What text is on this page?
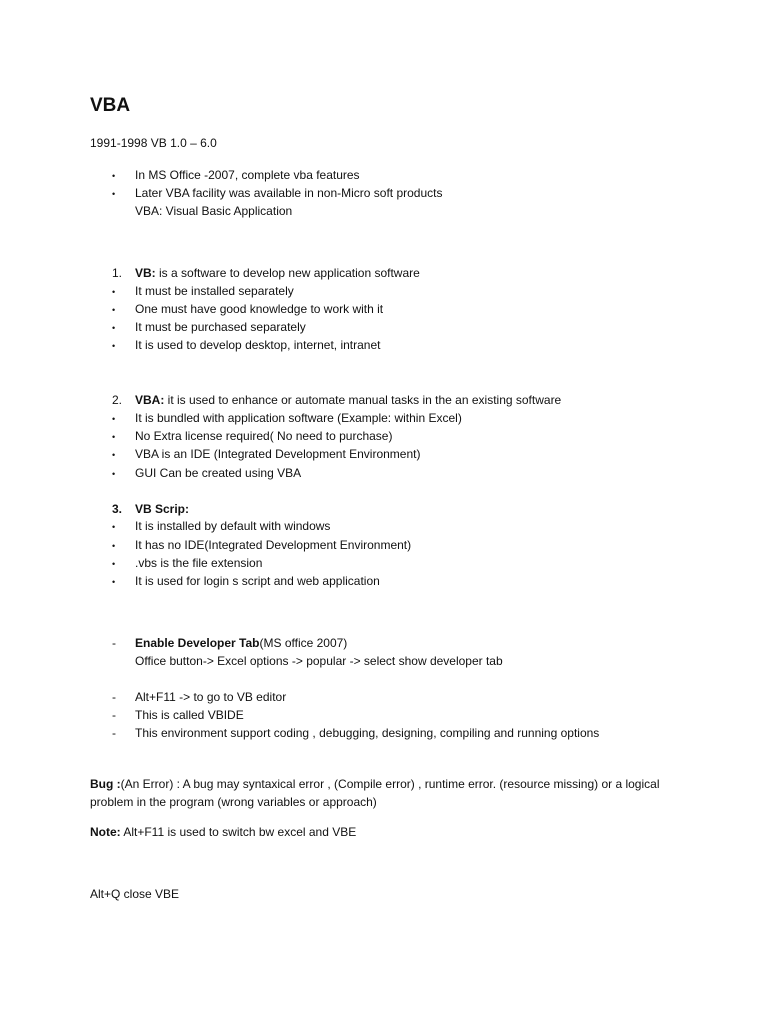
VBA
1991-1998 VB 1.0 – 6.0
•	In MS Office -2007, complete vba features
•	Later VBA facility was available in non-Micro soft products
VBA: Visual Basic Application
1.	VB: is a software to develop new application software
•	It must be installed separately
•	One must have good knowledge to work with it
•	It must be purchased separately
•	It is used to develop desktop, internet, intranet
2.	VBA: it is used to enhance or automate manual tasks in the an existing software
•	It is bundled with application software (Example: within Excel)
•	No Extra license required( No need to purchase)
•	VBA is an IDE (Integrated Development Environment)
•	GUI Can be created using VBA
3.	VB Scrip:
•	It is installed by default with windows
•	It has no IDE(Integrated Development Environment)
•	.vbs is the file extension
•	It is used for login s script and web application
-	Enable Developer Tab(MS office 2007)
Office button-> Excel options -> popular -> select show developer tab
-	Alt+F11 -> to go to VB editor
-	This is called VBIDE
-	This environment support coding , debugging, designing, compiling and running options
Bug :(An Error) : A bug may syntaxical error , (Compile error) , runtime error. (resource missing) or a logical
problem in the program (wrong variables or approach)
Note: Alt+F11 is used to switch bw excel and VBE
Alt+Q close VBE
